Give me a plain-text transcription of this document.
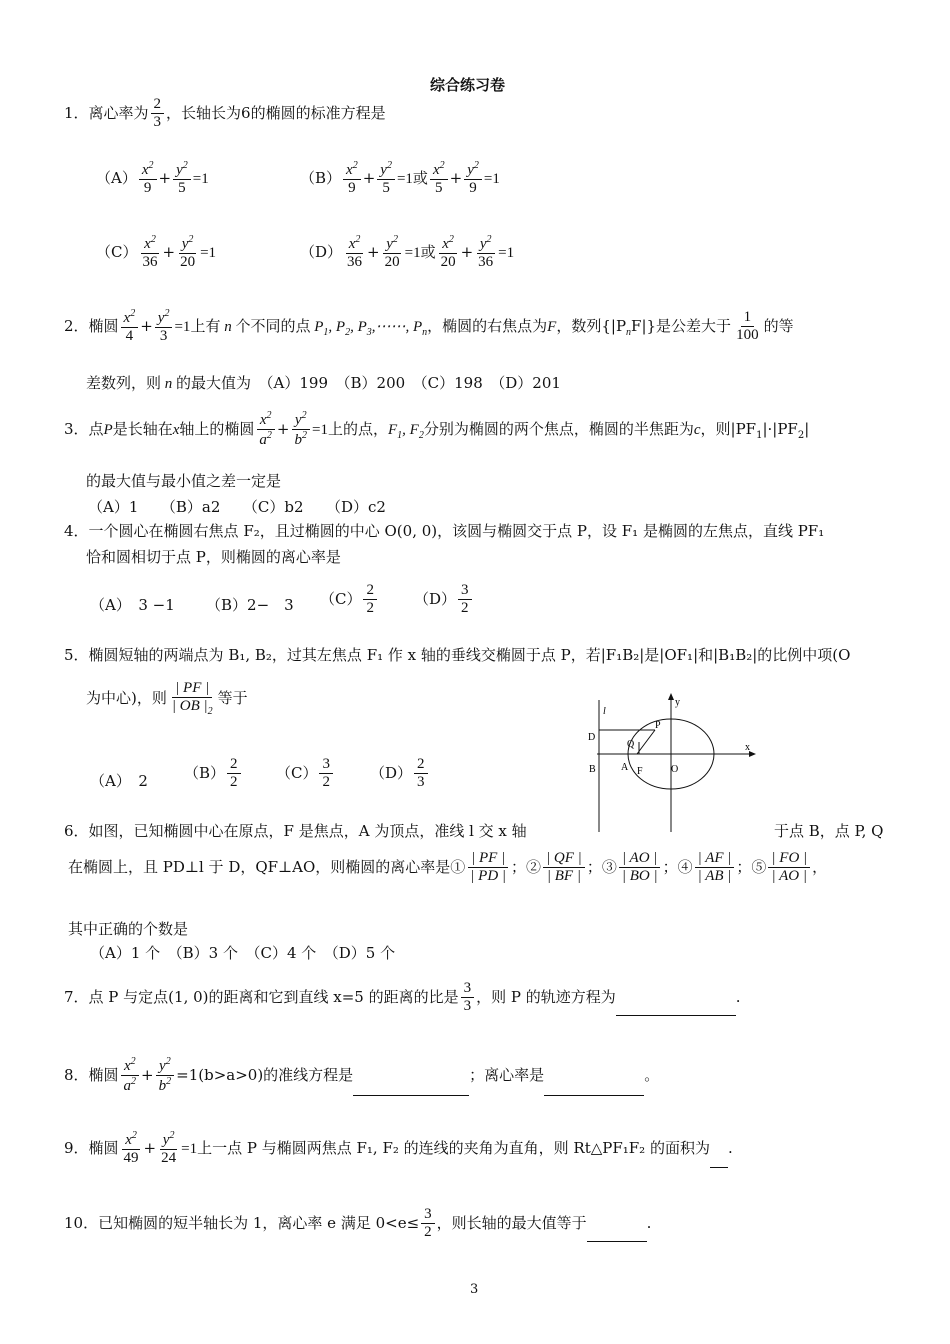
综合练习卷
1．离心率为 $\frac{2}{3}$ ，长轴长为6的椭圆的标准方程是
$(A) \frac{x^2}{9} + \frac{y^2}{5} =1$	$(B) \frac{x^2}{9} + \frac{y^2}{5} =1$或 $\frac{x^2}{5} + \frac{y^2}{9} =1$
$(C) \frac{x^2}{36} + \frac{y^2}{20} =1$	$(D) \frac{x^2}{36} + \frac{y^2}{20} =1$或 $\frac{x^2}{20} + \frac{y^2}{36} =1$
2．椭圆 $\frac{x^2}{4} + \frac{y^2}{3} =1$上有 n 个不同的点 $P_1$, $P_2$, $P_3,\cdots\cdots$, $P_n$，椭圆的右焦点为F，数列$\{|P_nF|\}$是公差大于 $\frac{1}{100}$ 的等
差数列，则 n 的最大值为　 （A）199　（B）200　（C）198　（D）201
3．点P是长轴在x轴上的椭圆 $\frac{x^2}{a^2} + \frac{y^2}{b^2} =1$上的点，$F_1$, $F_2$分别为椭圆的两个焦点，椭圆的半焦距为c，则$|PF_1|\cdot|PF_2|$
的最大值与最小值之差一定是
（A）1　　（B）a2　　（C）b2　　（D）c2
4．一个圆心在椭圆右焦点 F₂，且过椭圆的中心 O(0, 0)，该圆与椭圆交于点 P，设 F₁ 是椭圆的左焦点，直线 PF₁
恰和圆相切于点 P，则椭圆的离心率是
（A）　3 −1 （B）2−　3 $(C) \frac{2}{2} (D) \frac{3}{2}$
5．椭圆短轴的两端点为 B₁, B₂，过其左焦点 F₁ 作 x 轴的垂线交椭圆于点 P，若|F₁B₂|是|OF₁|和|B₁B₂|的比例中项(O
为中心)，则 $\frac{| PF |}{| OB |_2}$ 等于
（A）　2 $(B) \frac{2}{2} (C) \frac{3}{2} (D) \frac{2}{3}$
l
y
x
P
Q
D
B	A F	O
6．如图，已知椭圆中心在原点，F 是焦点，A 为顶点，准线 l 交 x 轴	于点 B，点 P, Q
在椭圆上，且 PD⊥l 于 D，QF⊥AO，则椭圆的离心率是① $\frac{| PF |}{| PD |}$ ；② $\frac{| QF |}{| BF |}$ ；③ $\frac{| AO |}{| BO |}$ ；④ $\frac{| AF |}{| AB |}$ ；⑤ $\frac{| FO |}{| AO |}$ ，
其中正确的个数是
（A）1 个　（B）3 个　（C）4 个　（D）5 个
7．点 P 与定点(1, 0)的距离和它到直线 x=5 的距离的比是 $\frac{3}{3}$ ，则 P 的轨迹方程为	.
8．椭圆 $\frac{x^2}{a^2} + \frac{y^2}{b^2} =1(b>a>0)$的准线方程是	；离心率是	。
9．椭圆 $\frac{x^2}{49} + \frac{y^2}{24} =1$上一点 P 与椭圆两焦点 F₁, F₂ 的连线的夹角为直角，则 Rt△PF₁F₂ 的面积为 .
10．已知椭圆的短半轴长为 1，离心率 e 满足 $0<e\le \frac{3}{2}$ ，则长轴的最大值等于	.
3
